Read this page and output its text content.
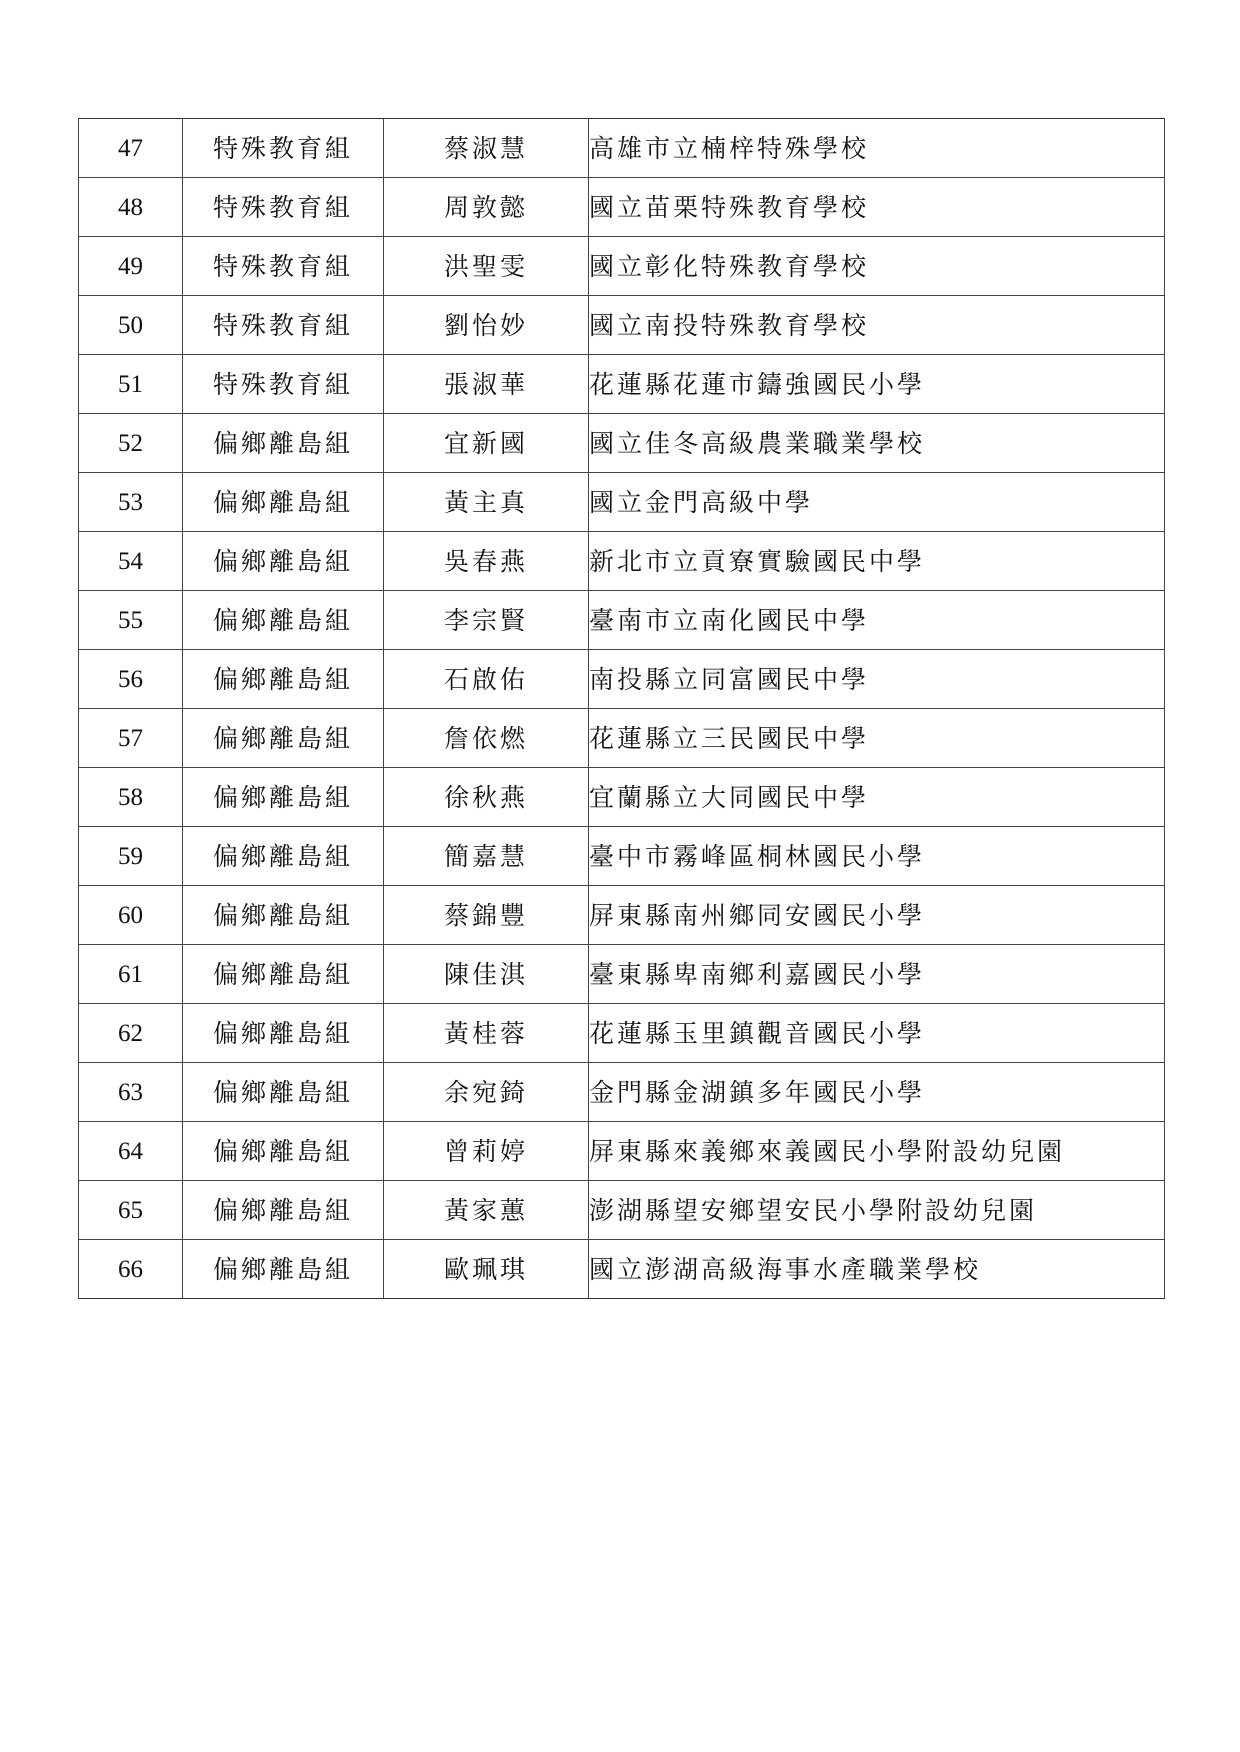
47	特殊教育組	蔡淑慧	高雄市立楠梓特殊學校
48	特殊教育組	周敦懿	國立苗栗特殊教育學校
49	特殊教育組	洪聖雯	國立彰化特殊教育學校
50	特殊教育組	劉怡妙	國立南投特殊教育學校
51	特殊教育組	張淑華	花蓮縣花蓮市鑄強國民小學
52	偏鄉離島組	宜新國	國立佳冬高級農業職業學校
53	偏鄉離島組	黃主真	國立金門高級中學
54	偏鄉離島組	吳春燕	新北市立貢寮實驗國民中學
55	偏鄉離島組	李宗賢	臺南市立南化國民中學
56	偏鄉離島組	石啟佑	南投縣立同富國民中學
57	偏鄉離島組	詹依燃	花蓮縣立三民國民中學
58	偏鄉離島組	徐秋燕	宜蘭縣立大同國民中學
59	偏鄉離島組	簡嘉慧	臺中市霧峰區桐林國民小學
60	偏鄉離島組	蔡錦豐	屏東縣南州鄉同安國民小學
61	偏鄉離島組	陳佳淇	臺東縣卑南鄉利嘉國民小學
62	偏鄉離島組	黃桂蓉	花蓮縣玉里鎮觀音國民小學
63	偏鄉離島組	余宛錡	金門縣金湖鎮多年國民小學
64	偏鄉離島組	曾莉婷	屏東縣來義鄉來義國民小學附設幼兒園
65	偏鄉離島組	黃家蕙	澎湖縣望安鄉望安民小學附設幼兒園
66	偏鄉離島組	歐珮琪	國立澎湖高級海事水產職業學校
